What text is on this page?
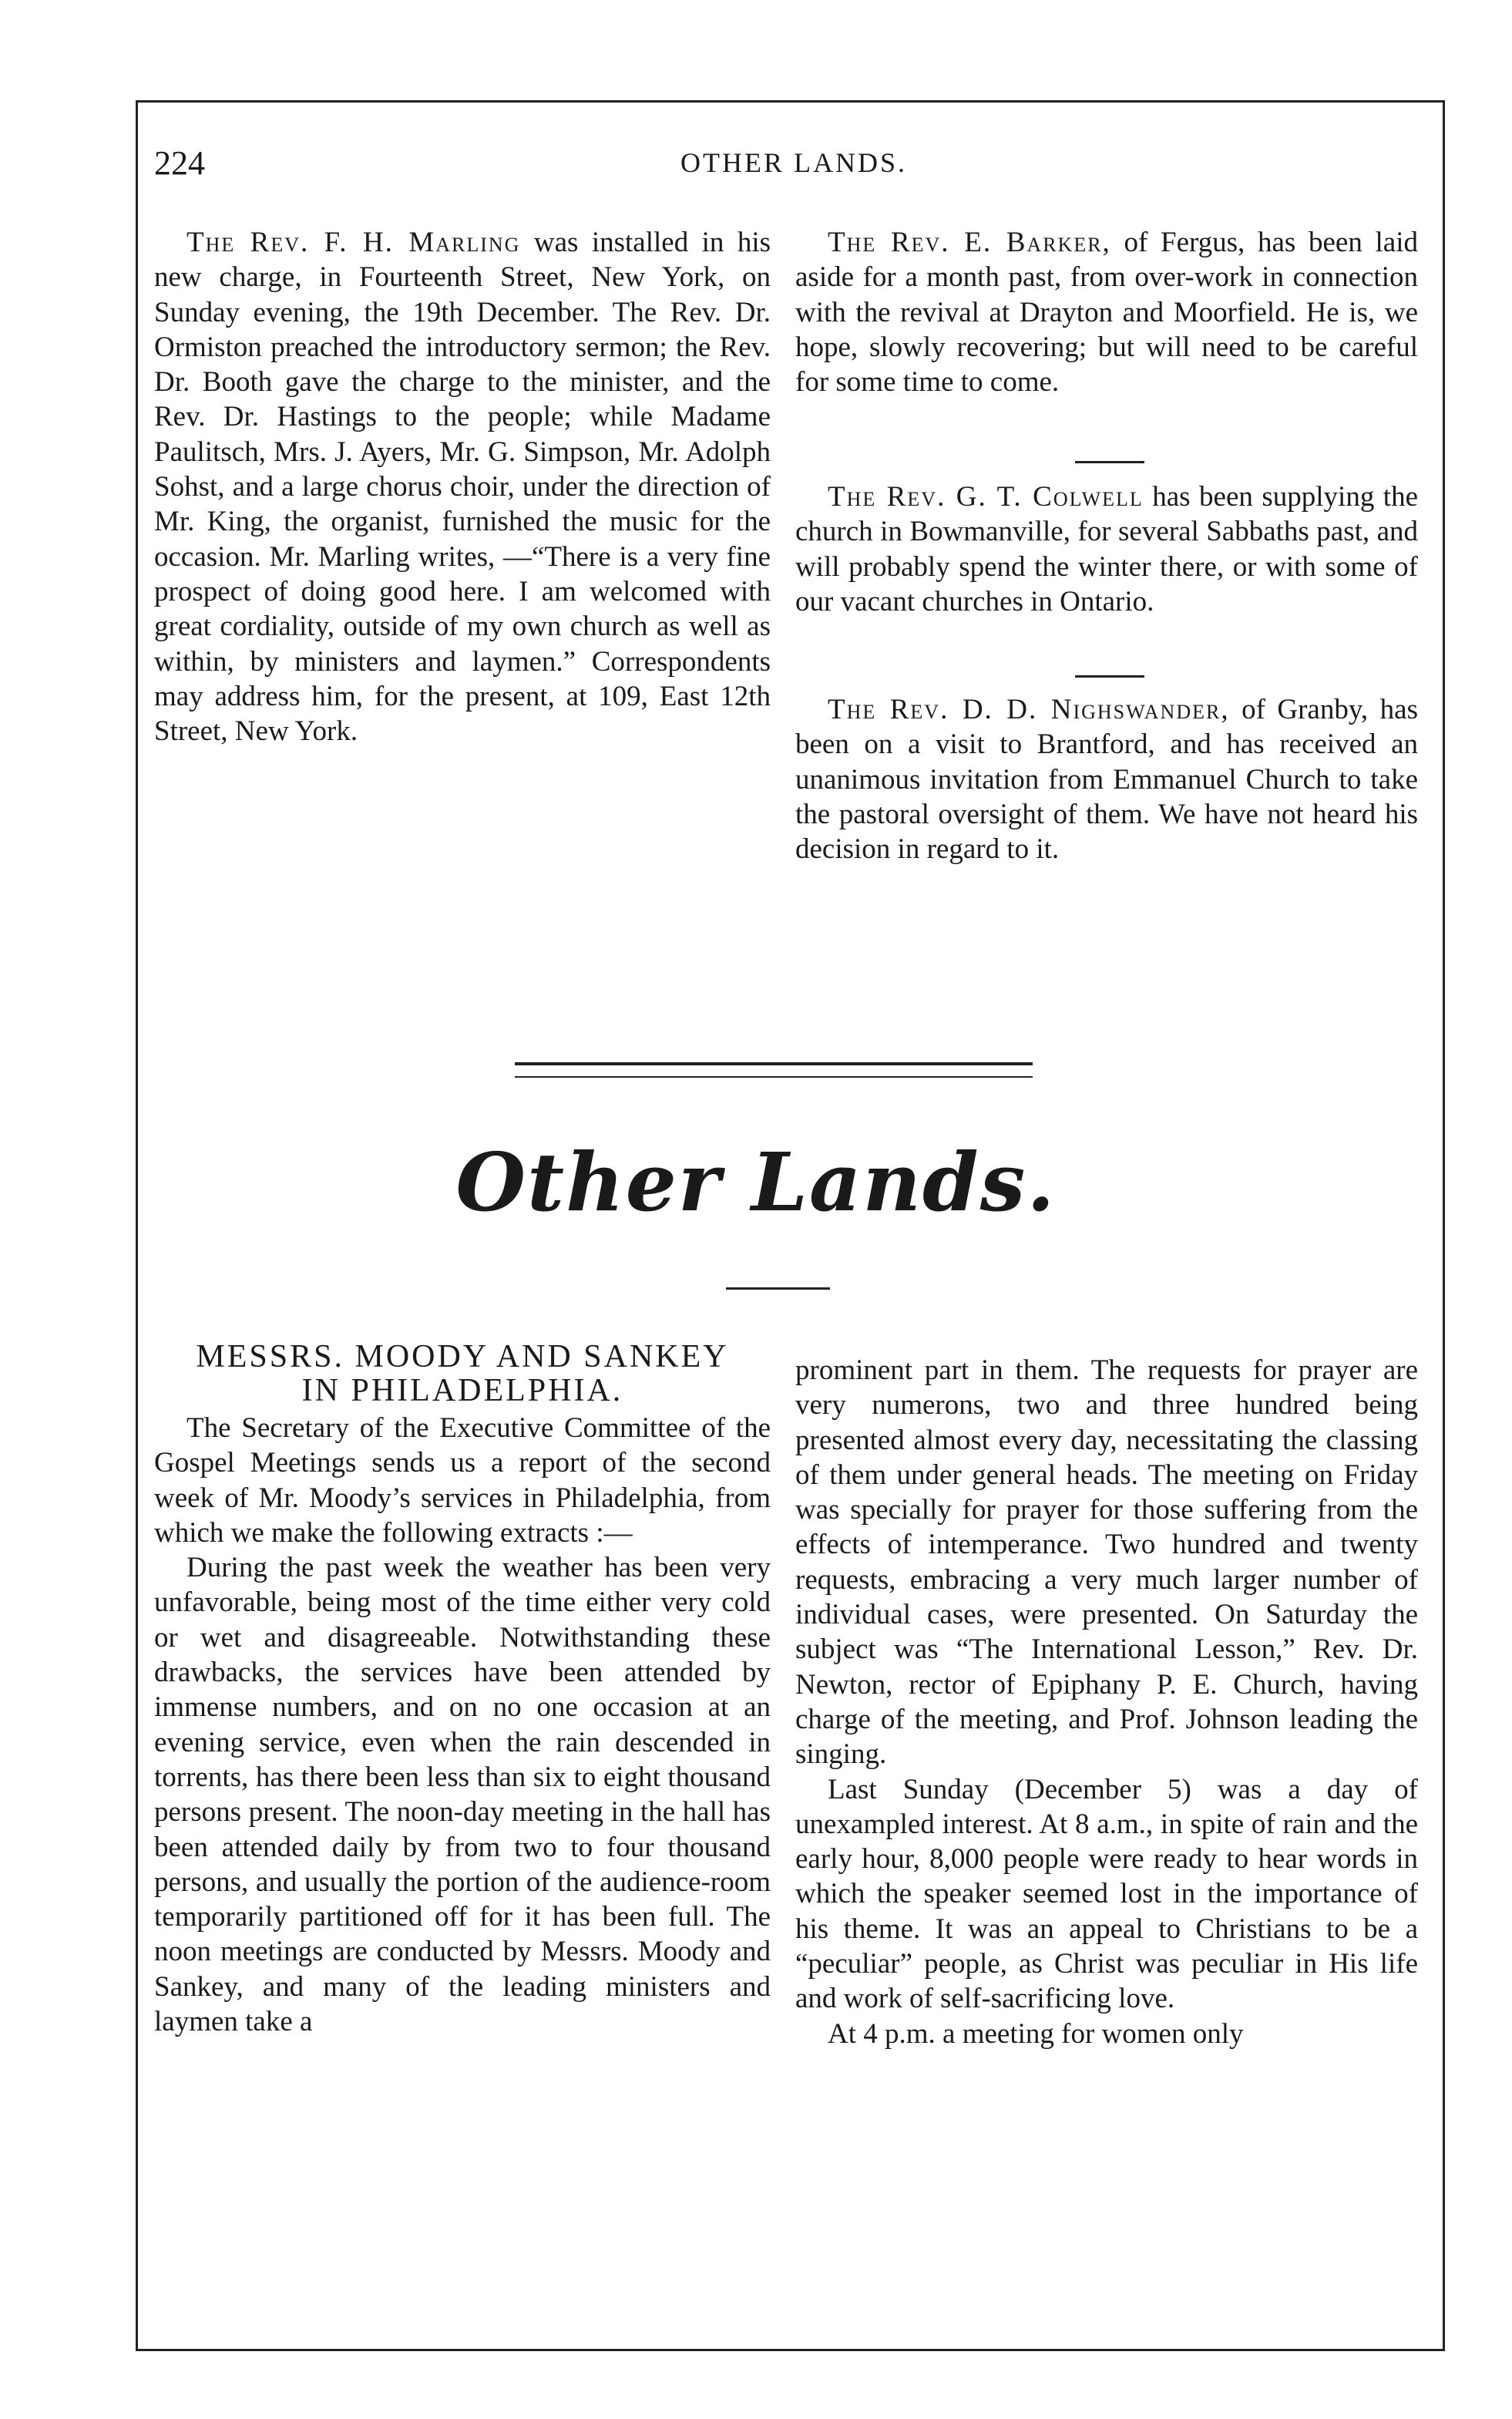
224	OTHER LANDS.

The Rev. F. H. Marling was installed in his new charge, in Fourteenth Street, New York, on Sunday evening, the 19th December. The Rev. Dr. Ormiston preached the introductory sermon; the Rev. Dr. Booth gave the charge to the minister, and the Rev. Dr. Hastings to the people; while Madame Paulitsch, Mrs. J. Ayers, Mr. G. Simpson, Mr. Adolph Sohst, and a large chorus choir, under the direction of Mr. King, the organist, furnished the music for the occasion. Mr. Marling writes, —“There is a very fine prospect of doing good here. I am welcomed with great cordiality, outside of my own church as well as within, by ministers and laymen.” Correspondents may address him, for the present, at 109, East 12th Street, New York.

The Rev. E. Barker, of Fergus, has been laid aside for a month past, from over-work in connection with the revival at Drayton and Moorfield. He is, we hope, slowly recovering; but will need to be careful for some time to come.

The Rev. G. T. Colwell has been supplying the church in Bowmanville, for several Sabbaths past, and will probably spend the winter there, or with some of our vacant churches in Ontario.

The Rev. D. D. Nighswander, of Granby, has been on a visit to Brantford, and has received an unanimous invitation from Emmanuel Church to take the pastoral oversight of them. We have not heard his decision in regard to it.

Other Lands.
MESSRS. MOODY AND SANKEY
IN PHILADELPHIA.

The Secretary of the Executive Committee of the Gospel Meetings sends us a report of the second week of Mr. Moody’s services in Philadelphia, from which we make the following extracts :—

During the past week the weather has been very unfavorable, being most of the time either very cold or wet and disagreeable. Notwithstanding these drawbacks, the services have been attended by immense numbers, and on no one occasion at an evening service, even when the rain descended in torrents, has there been less than six to eight thousand persons present. The noon-day meeting in the hall has been attended daily by from two to four thousand persons, and usually the portion of the audience-room temporarily partitioned off for it has been full. The noon meetings are conducted by Messrs. Moody and Sankey, and many of the leading ministers and laymen take a

prominent part in them. The requests for prayer are very numerons, two and three hundred being presented almost every day, necessitating the classing of them under general heads. The meeting on Friday was specially for prayer for those suffering from the effects of intemperance. Two hundred and twenty requests, embracing a very much larger number of individual cases, were presented. On Saturday the subject was “The International Lesson,” Rev. Dr. Newton, rector of Epiphany P. E. Church, having charge of the meeting, and Prof. Johnson leading the singing.

Last Sunday (December 5) was a day of unexampled interest. At 8 a.m., in spite of rain and the early hour, 8,000 people were ready to hear words in which the speaker seemed lost in the importance of his theme. It was an appeal to Christians to be a “peculiar” people, as Christ was peculiar in His life and work of self-sacrificing love.

At 4 p.m. a meeting for women only
